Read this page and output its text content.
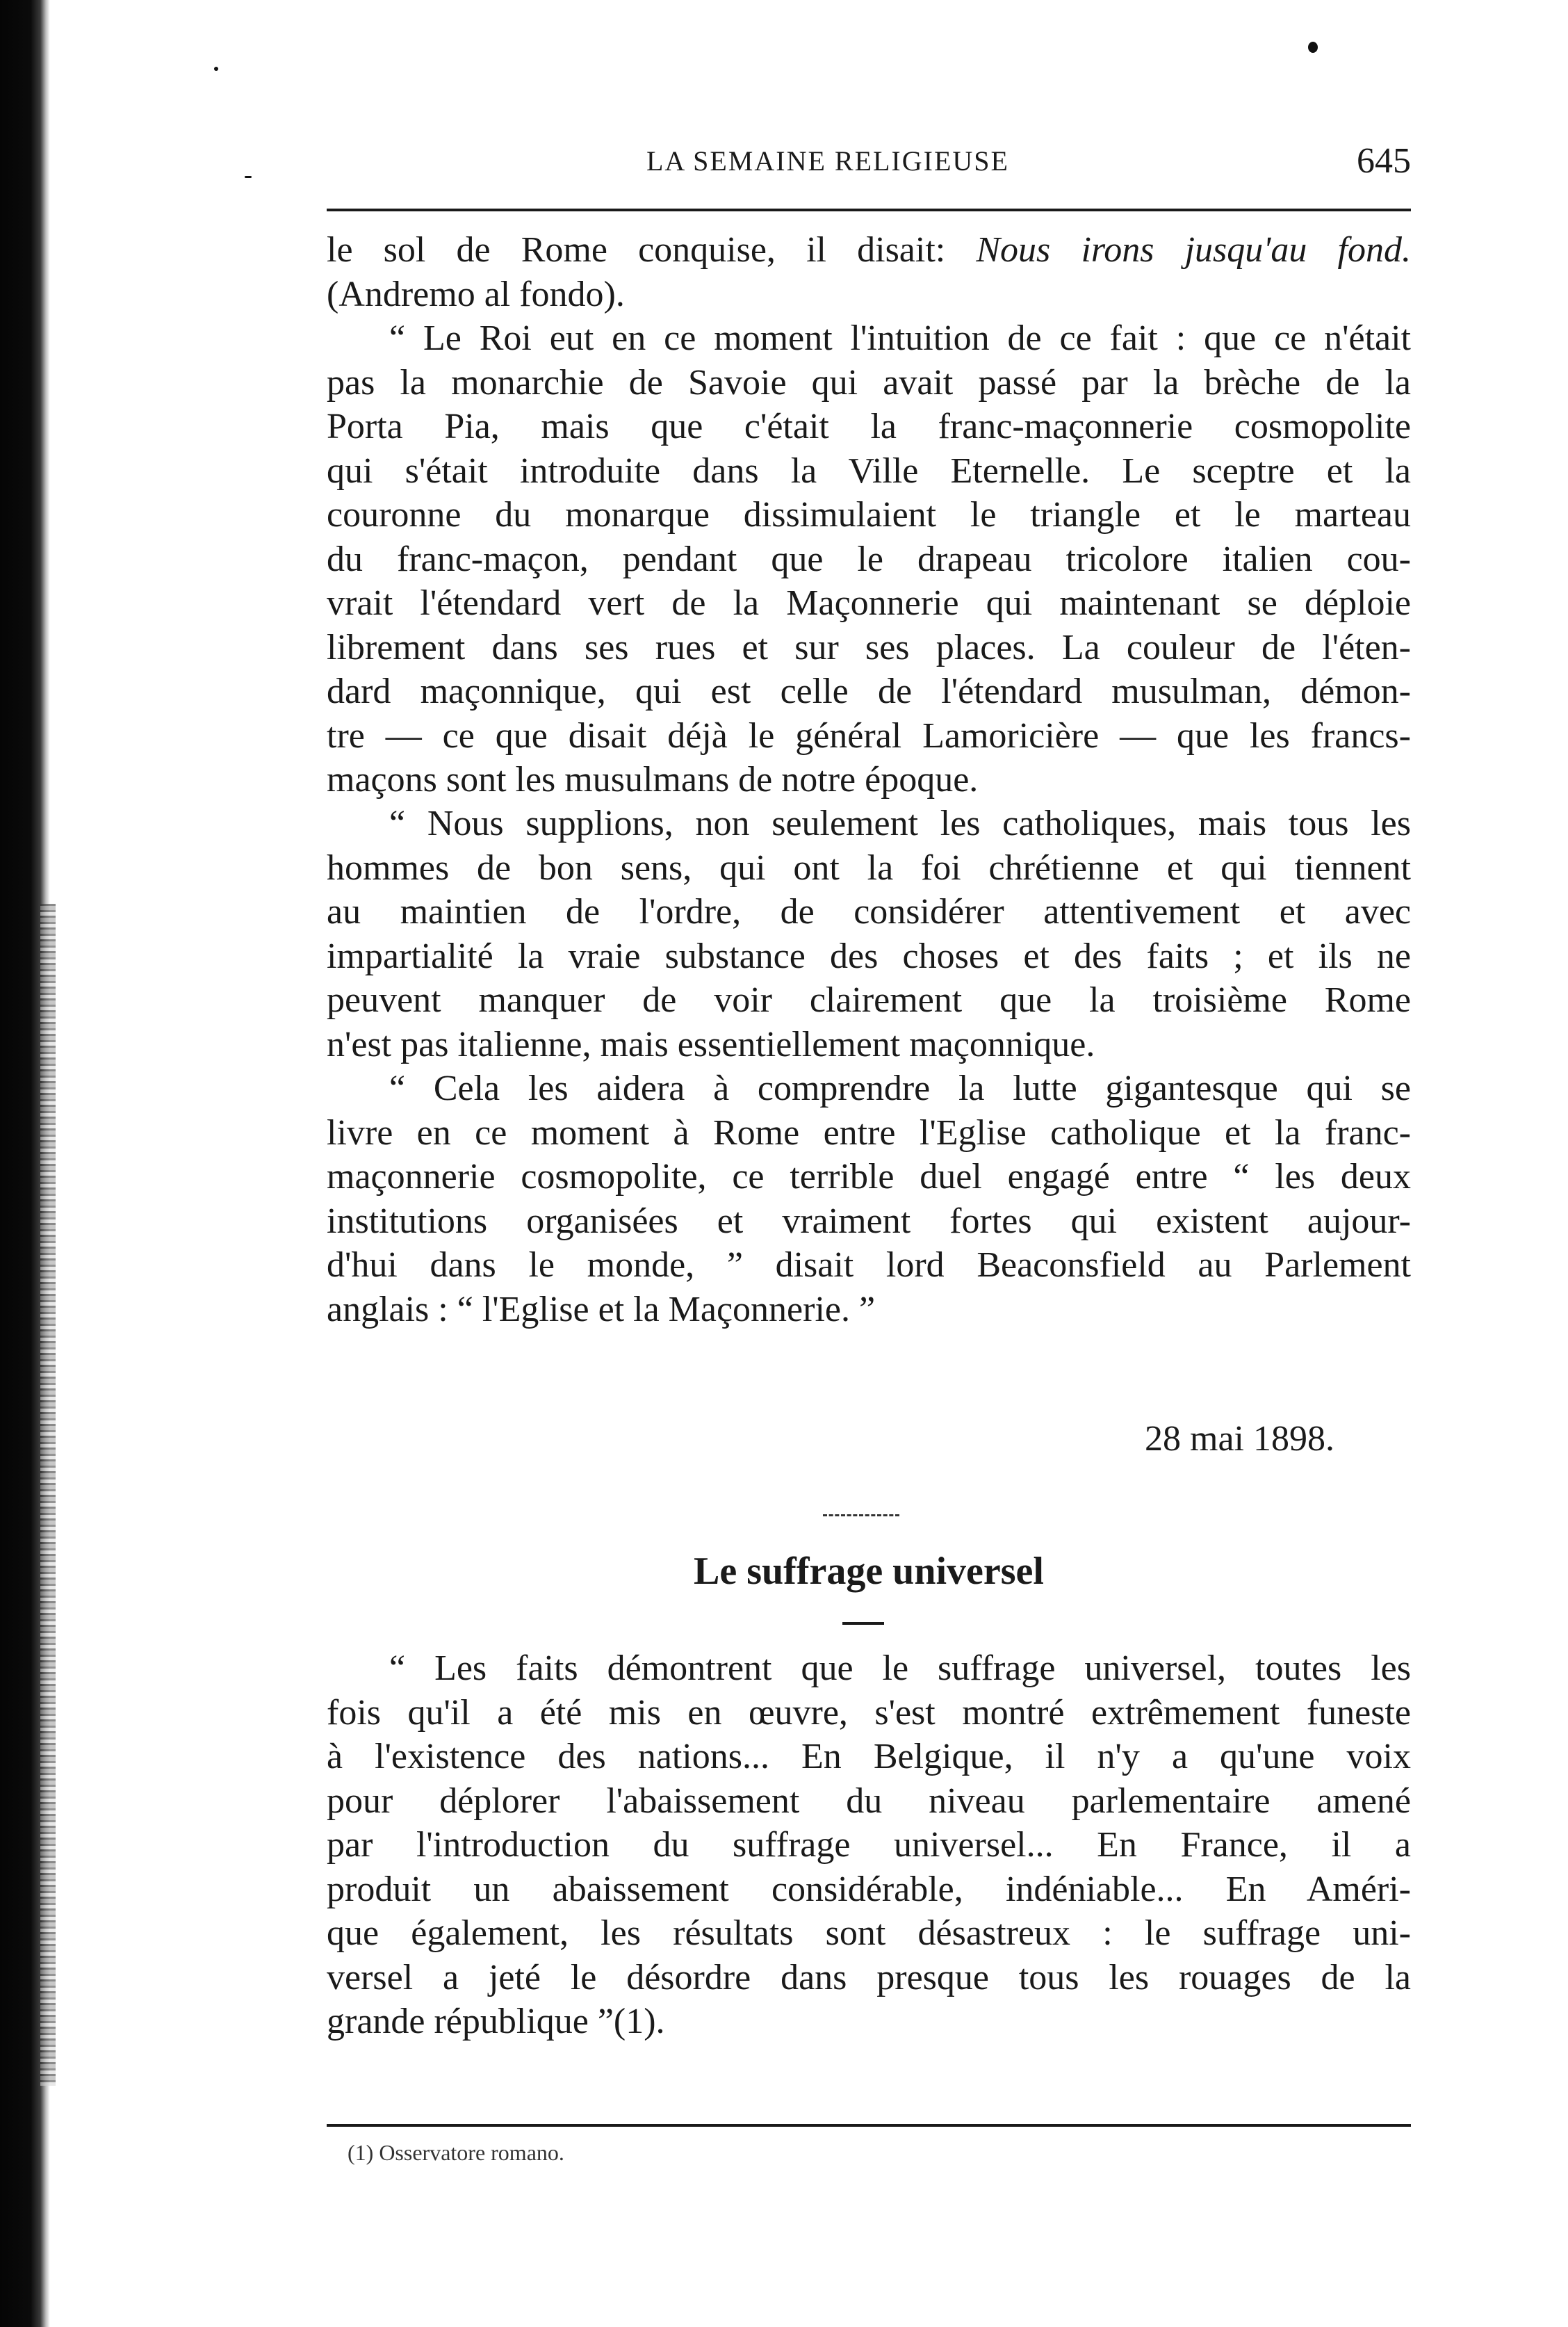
LA SEMAINE RELIGIEUSE	645
le sol de Rome conquise, il disait: Nous irons jusqu'au fond.
(Andremo al fondo).
“ Le Roi eut en ce moment l'intuition de ce fait : que ce n'était
pas la monarchie de Savoie qui avait passé par la brèche de la
Porta Pia, mais que c'était la franc-maçonnerie cosmopolite
qui s'était introduite dans la Ville Eternelle. Le sceptre et la
couronne du monarque dissimulaient le triangle et le marteau
du franc-maçon, pendant que le drapeau tricolore italien cou-
vrait l'étendard vert de la Maçonnerie qui maintenant se déploie
librement dans ses rues et sur ses places. La couleur de l'éten-
dard maçonnique, qui est celle de l'étendard musulman, démon-
tre — ce que disait déjà le général Lamoricière — que les francs-
maçons sont les musulmans de notre époque.
“ Nous supplions, non seulement les catholiques, mais tous les
hommes de bon sens, qui ont la foi chrétienne et qui tiennent
au maintien de l'ordre, de considérer attentivement et avec
impartialité la vraie substance des choses et des faits ; et ils ne
peuvent manquer de voir clairement que la troisième Rome
n'est pas italienne, mais essentiellement maçonnique.
“ Cela les aidera à comprendre la lutte gigantesque qui se
livre en ce moment à Rome entre l'Eglise catholique et la franc-
maçonnerie cosmopolite, ce terrible duel engagé entre “ les deux
institutions organisées et vraiment fortes qui existent aujour-
d'hui dans le monde, ” disait lord Beaconsfield au Parlement
anglais : “ l'Eglise et la Maçonnerie. ”
28 mai 1898.
Le suffrage universel
“ Les faits démontrent que le suffrage universel, toutes les
fois qu'il a été mis en œuvre, s'est montré extrêmement funeste
à l'existence des nations... En Belgique, il n'y a qu'une voix
pour déplorer l'abaissement du niveau parlementaire amené
par l'introduction du suffrage universel... En France, il a
produit un abaissement considérable, indéniable... En Améri-
que également, les résultats sont désastreux : le suffrage uni-
versel a jeté le désordre dans presque tous les rouages de la
grande république ”(1).
(1) Osservatore romano.
